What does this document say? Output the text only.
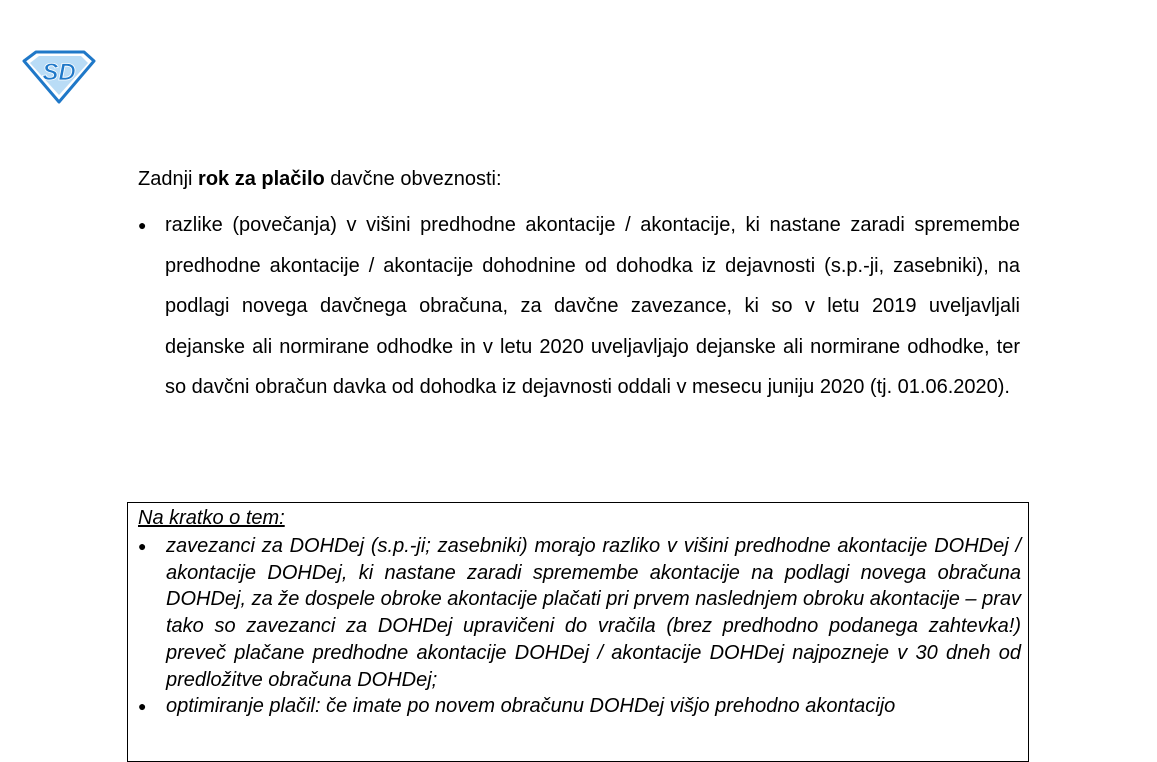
SD

Zadnji rok za plačilo davčne obveznosti:

● razlike (povečanja) v višini predhodne akontacije / akontacije, ki nastane zaradi spremembe predhodne akontacije / akontacije dohodnine od dohodka iz dejavnosti (s.p.-ji, zasebniki), na podlagi novega davčnega obračuna, za davčne zavezance, ki so v letu 2019 uveljavljali dejanske ali normirane odhodke in v letu 2020 uveljavljajo dejanske ali normirane odhodke, ter so davčni obračun davka od dohodka iz dejavnosti oddali v mesecu juniju 2020 (tj. 01.06.2020).
Na kratko o tem:
● zavezanci za DOHDej (s.p.-ji; zasebniki) morajo razliko v višini predhodne akontacije DOHDej / akontacije DOHDej, ki nastane zaradi spremembe akontacije na podlagi novega obračuna DOHDej, za že dospele obroke akontacije plačati pri prvem naslednjem obroku akontacije – prav tako so zavezanci za DOHDej upravičeni do vračila (brez predhodno podanega zahtevka!) preveč plačane predhodne akontacije DOHDej / akontacije DOHDej najpozneje v 30 dneh od predložitve obračuna DOHDej;
● optimiranje plačil: če imate po novem obračunu DOHDej višjo prehodno akontacijo
